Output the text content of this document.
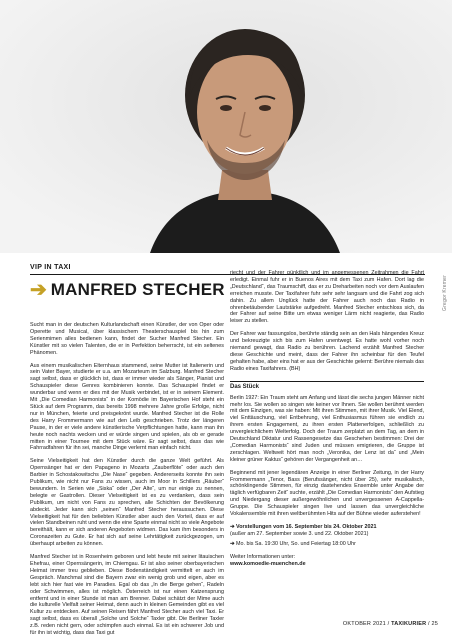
Gregor Kremer
VIP IN TAXI
➔ MANFRED STECHER

Sucht man in der deutschen Kulturlandschaft einen Künstler, der von Oper oder Operette und Musical, über klassischem Theaterschauspiel bis hin zum Serienmimen alles bedienen kann, findet der Sucher Manfred Stecher. Ein Künstler mit so vielen Talenten, die er in Perfektion beherrscht, ist ein seltenes Phänomen.

Aus einem musikalischen Elternhaus stammend, seine Mutter ist Italienerin und sein Vater Bayer, studierte er u.a. am Mozarteum im Salzburg. Manfred Stecher sagt selbst, dass er glücklich ist, dass er immer wieder als Sänger, Pianist und Schauspieler diese Genres kombinieren konnte. Das Schauspiel findet er wunderbar und wenn er dies mit der Musik verbindet, ist er in seinem Element. Mit „Die Comedian Harmonists“ in der Komödie im Bayerischen Hof steht ein Stück auf dem Programm, das bereits 1998 mehrere Jahre große Erfolge, nicht nur in München, feierte und preisgekrönt wurde. Manfred Stecher ist die Rolle des Harry Frommermann wie auf den Leib geschrieben. Trotz der längeren Pause, in der er viele andere künstlerische Verpflichtungen hatte, kann man ihn heute noch nachts wecken und er würde singen und spielen, als ob er gerade mitten in einer Tournee mit dem Stück wäre. Er sagt selbst, dass das wie Fahrradfahren für ihn sei, manche Dinge verlernt man einfach nicht.

Seine Vielseitigkeit hat den Künstler durch die ganze Welt geführt. Als Opernsänger hat er den Papageno in Mozarts „Zauberflöte“ oder auch den Barbier in Schostakowitschs „Die Nase“ gegeben. Andererseits konnte ihn sein Publikum, wie nicht nur Fans zu wissen, auch im Moor in Schillers „Räuber“ bewundern. In Serien wie „Siska“ oder „Der Alte“, um nur einige zu nennen, belegte er Gastrollen. Dieser Vielseitigkeit ist es zu verdanken, dass sein Publikum, um nicht von Fans zu sprechen, alle Schichten der Bevölkerung abdeckt. Jeder kann sich „seinen“ Manfred Stecher heraussuchen. Diese Vielseitigkeit hat für den beliebten Künstler aber auch den Vorteil, dass er auf vielen Standbeinen ruht und wenn die eine Sparte einmal nicht so viele Angebote bereithält, kann er sich anderen Angeboten widmen. Das kam ihm besonders in Coronazeiten zu Gute. Er hat sich auf seine Lehrtätigkeit zurückgezogen, um überhaupt arbeiten zu können.

Manfred Stecher ist in Rosenheim geboren und lebt heute mit seiner litauischen Ehefrau, einer Opernsängerin, im Chiemgau. Er ist also seiner oberbayerischen Heimat immer treu geblieben. Diese Bodenständigkeit vermittelt er auch im Gespräch. Manchmal sind die Bayern zwar ein wenig grob und eigen, aber es lebt sich hier fast wie im Paradies. Egal ob das „In die Berge gehen“, Radeln oder Schwimmen, alles ist möglich. Österreich ist nur einen Katzensprung entfernt und in einer Stunde ist man am Brenner. Dabei schätzt der Mime auch die kulturelle Vielfalt seiner Heimat, denn auch in kleinen Gemeinden gibt es viel Kultur zu entdecken. Auf seinen Reisen fährt Manfred Stecher auch viel Taxi. Er sagt selbst, dass es überall „Solche und Solche“ Taxler gibt. Die Berliner Taxler z.B. reden nicht gern, oder schimpfen auch einmal. Es ist ein schwerer Job und für ihn ist wichtig, dass das Taxi gut

riecht und der Fahrer pünktlich und im angemessenen Zeitrahmen die Fahrt erledigt. Einmal fuhr er in Buenos Aires mit dem Taxi zum Hafen. Dort lag die „Deutschland“, das Traumschiff, das er zu Dreharbeiten noch vor dem Auslaufen erreichen musste. Der Taxifahrer fuhr sehr sehr langsam und die Fahrt zog sich dahin. Zu allem Unglück hatte der Fahrer auch noch das Radio in ohrenbetäubender Lautstärke aufgedreht. Manfred Stecher entschloss sich, da der Fahrer auf seine Bitte um etwas weniger Lärm nicht reagierte, das Radio leiser zu stellen.

Der Fahrer war fassungslos, berührte ständig sein an den Hals hängendes Kreuz und bekreuzigte sich bis zum Hafen unentwegt. Es hatte wohl vorher noch niemand gewagt, das Radio zu berühren. Lachend erzählt Manfred Stecher diese Geschichte und meint, dass der Fahrer ihn scheinbar für den Teufel gehalten habe, aber eins hat er aus der Geschichte gelernt: Berühre niemals das Radio eines Taxifahrers. (BH)

Das Stück

Berlin 1927: Ein Traum steht am Anfang und lässt die sechs jungen Männer nicht mehr los. Sie wollen so singen wie keiner vor Ihnen. Sie wollen berühmt werden mit dem Einzigen, was sie haben: Mit ihren Stimmen, mit ihrer Musik. Viel Elend, viel Enttäuschung, viel Entbehrung, viel Enthusiasmus führen sie endlich zu ihrem ersten Engagement, zu ihren ersten Plattenerfolgen, schließlich zu unvergleichlichem Welterfolg. Doch der Traum zerplatzt an dem Tag, an dem in Deutschland Diktatur und Rassengesetze das Geschehen bestimmen: Drei der „Comedian Harmonists“ sind Juden und müssen emigrieren, die Gruppe ist zerschlagen. Weltweit hört man noch „Veronika, der Lenz ist da“ und „Mein kleiner grüner Kaktus“ gehören der Vergangenheit an…

Beginnend mit jener legendären Anzeige in einer Berliner Zeitung, in der Harry Frommermann „Tenor, Bass (Berufssänger, nicht über 25), sehr musikalisch, schönklingende Stimmen, für einzig dastehendes Ensemble unter Angabe der täglich verfügbaren Zeit“ suchte, erzählt „Die Comedian Harmonists“ den Aufstieg und Niedergang dieser außergewöhnlichen und unvergessenen A-Cappella-Gruppe. Die Schauspieler singen live und lassen das unvergleichliche Vokalensemble mit ihren weltberühmten Hits auf der Bühne wieder auferstehen!

➔ Vorstellungen vom 16. September bis 24. Oktober 2021
(außer am 27. September sowie 3. und 22. Oktober 2021)
➔ Mo. bis Sa. 19:30 Uhr, So. und Feiertag 18:00 Uhr
Weiter Informationen unter:
www.komoedie-muenchen.de
OKTOBER 2021 / TAXIKURIER / 25
